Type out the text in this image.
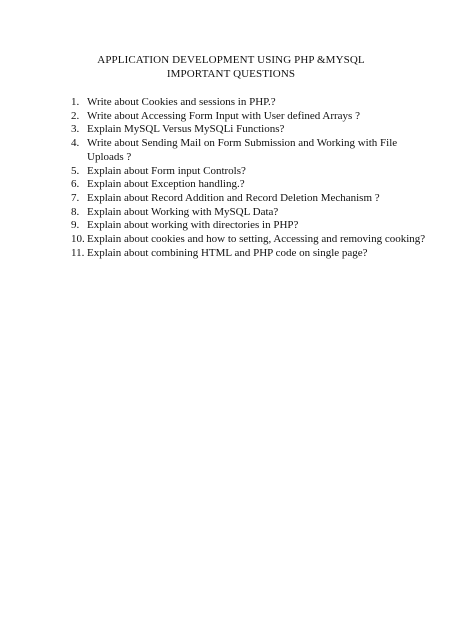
APPLICATION DEVELOPMENT USING PHP &MYSQL
IMPORTANT QUESTIONS
1. Write about Cookies and sessions in PHP.?
2. Write about Accessing Form Input with User defined Arrays ?
3. Explain MySQL Versus MySQLi Functions?
4. Write about Sending Mail on Form Submission and Working with File Uploads ?
5. Explain about Form input Controls?
6. Explain about Exception handling.?
7. Explain about Record Addition and Record Deletion Mechanism ?
8. Explain about Working with MySQL Data?
9. Explain about working with directories in PHP?
10. Explain about cookies and how to setting, Accessing and removing cooking?
11. Explain about combining HTML and PHP code on single page?
